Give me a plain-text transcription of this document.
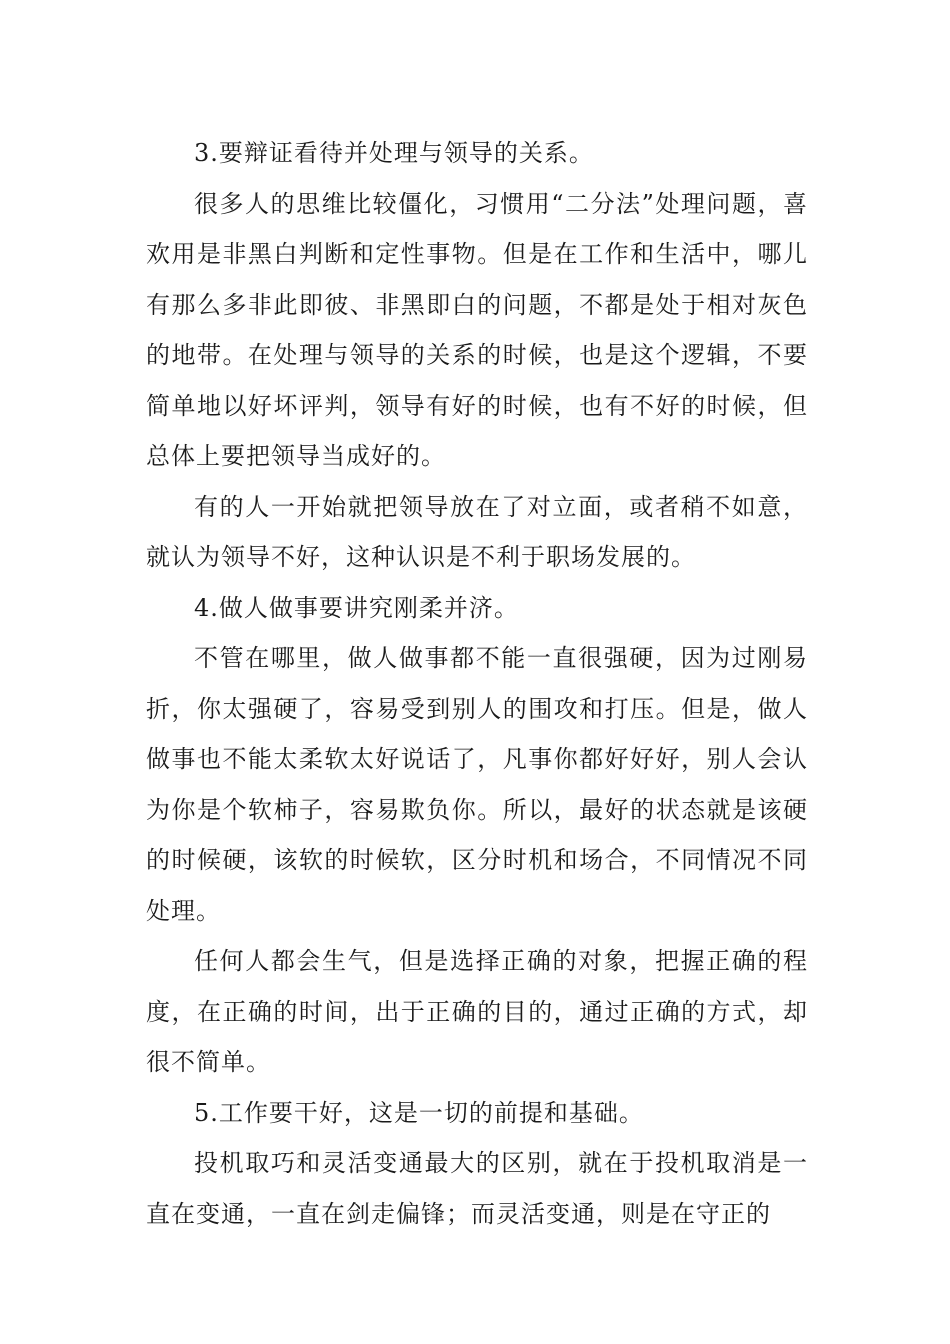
3.要辩证看待并处理与领导的关系。

很多人的思维比较僵化，习惯用“二分法”处理问题，喜欢用是非黑白判断和定性事物。但是在工作和生活中，哪儿有那么多非此即彼、非黑即白的问题，不都是处于相对灰色的地带。在处理与领导的关系的时候，也是这个逻辑，不要简单地以好坏评判，领导有好的时候，也有不好的时候，但总体上要把领导当成好的。

有的人一开始就把领导放在了对立面，或者稍不如意，就认为领导不好，这种认识是不利于职场发展的。

4.做人做事要讲究刚柔并济。

不管在哪里，做人做事都不能一直很强硬，因为过刚易折，你太强硬了，容易受到别人的围攻和打压。但是，做人做事也不能太柔软太好说话了，凡事你都好好好，别人会认为你是个软柿子，容易欺负你。所以，最好的状态就是该硬的时候硬，该软的时候软，区分时机和场合，不同情况不同处理。

任何人都会生气，但是选择正确的对象，把握正确的程度，在正确的时间，出于正确的目的，通过正确的方式，却很不简单。

5.工作要干好，这是一切的前提和基础。

投机取巧和灵活变通最大的区别，就在于投机取消是一直在变通，一直在剑走偏锋；而灵活变通，则是在守正的
